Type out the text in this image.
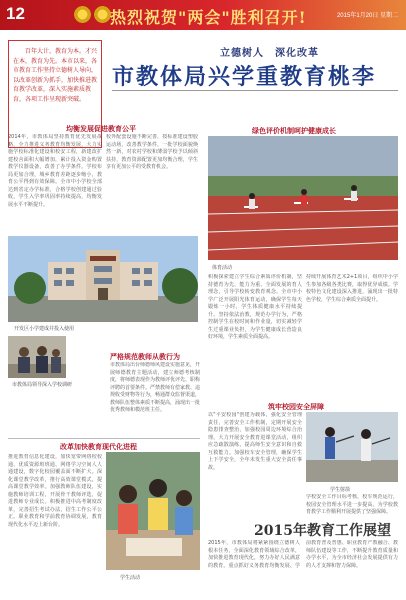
12	热烈祝贺"两会"胜利召开!	2015年1月20日 星期二
百年大计，教育为本。才兴在本，教育为先。本市以来，各市教育工作坚持立德树人导向，以改革创新为抓手，加快推进教育教学改革，深入实施素质教育，各项工作呈现新突破。
立德树人　深化改革
市教体局兴学重教育桃李
均衡发展促进教育公平
2014年，市教体局坚持教育优先发展战略，全力推进义务教育均衡发展，大力实施学校标准化建设和校安工程，新建改扩建校舍面积大幅增加，累计投入资金购置教学仪器设备，改善了办学条件。学校布局更加合理，城乡教育差距逐步缩小，教育公平得到有效保障。全市中小学校全部达到省定办学标准，合格学校创建通过验收，学生入学率巩固率持续提高，均衡发展水平不断提升。
校外配套设施不断完善，按标准建设塑胶运动场，改善教学条件，一批学校面貌焕然一新，对农村学校和薄弱学校予以倾斜扶持，教育资源配置更加均衡合理，学生享有更加公平的受教育机会。
开发区小学建成并投入使用
市教体局领导深入学校调研
严格规范教师从教行为
市教体局出台师德师风建设实施意见，开展师德教育主题活动，建立师德考核制度，将师德表现作为教师评优评先、职称评聘的首要条件。严禁教师有偿家教、违规收受财物等行为，畅通群众监督渠道，教师队伍整体素质不断提高，涌现出一批优秀教师和模范班主任。
改革加快教育现代化进程
推进教育信息化建设，加快宽带网络校校通、优质资源班班通、网络学习空间人人通建设，数字化校园覆盖面不断扩大。深化课堂教学改革，推行高效课堂模式，提高课堂教学效率。加强教师队伍建设，实施教师培训工程，开展骨干教师评选，促进教师专业成长。积极推进中高考制度改革，完善招生考试办法，招生工作公平公正。职业教育和学前教育协调发展，教育现代化水平迈上新台阶。
学生活动
绿色评价机制呵护健康成长
体育活动
积极探索建立学生综合素质评价机制，坚持德育为先、能力为重、全面发展的育人理念，引导学校转变教育观念。全市中小学广泛开展阳光体育运动，确保学生每天锻炼一小时，学生体质健康水平持续提升。坚持依法治教，规范办学行为，严格控制学生在校时间和作业量，切实减轻学生过重课业负担，为学生健康成长营造良好环境，学生素质全面提高。
持续开展体育艺术2+1项目，组织中小学生参加各级各类比赛，取得优异成绩。学校特色文化建设深入推进，涌现出一批特色学校，学生综合素质全面提升。
筑牢校园安全屏障
以"平安校园"创建为载体，强化安全管理责任，完善安全工作机制，定期开展安全隐患排查整治，加强校园周边环境综合治理。大力开展安全教育进课堂活动，组织应急疏散演练，提高师生安全意识和自救互救能力。加强校车安全管理，确保学生上下学安全，全年未发生重大安全责任事故。
学生射箭
学校安全工作目标考核，校车规范运行，校园安全管理水平进一步提高，为学校教育教学工作顺利开展提供了坚强保障。
2015年教育工作展望
2015年，市教体局将紧紧围绕立德树人根本任务，全面深化教育领域综合改革，加快推进教育现代化，努力办好人民满意的教育。重点抓好义务教育均衡发展、学前教育普及普惠、职业教育产教融合、教师队伍建设等工作，不断提升教育质量和办学水平，为全市经济社会发展提供有力的人才支撑和智力保障。
